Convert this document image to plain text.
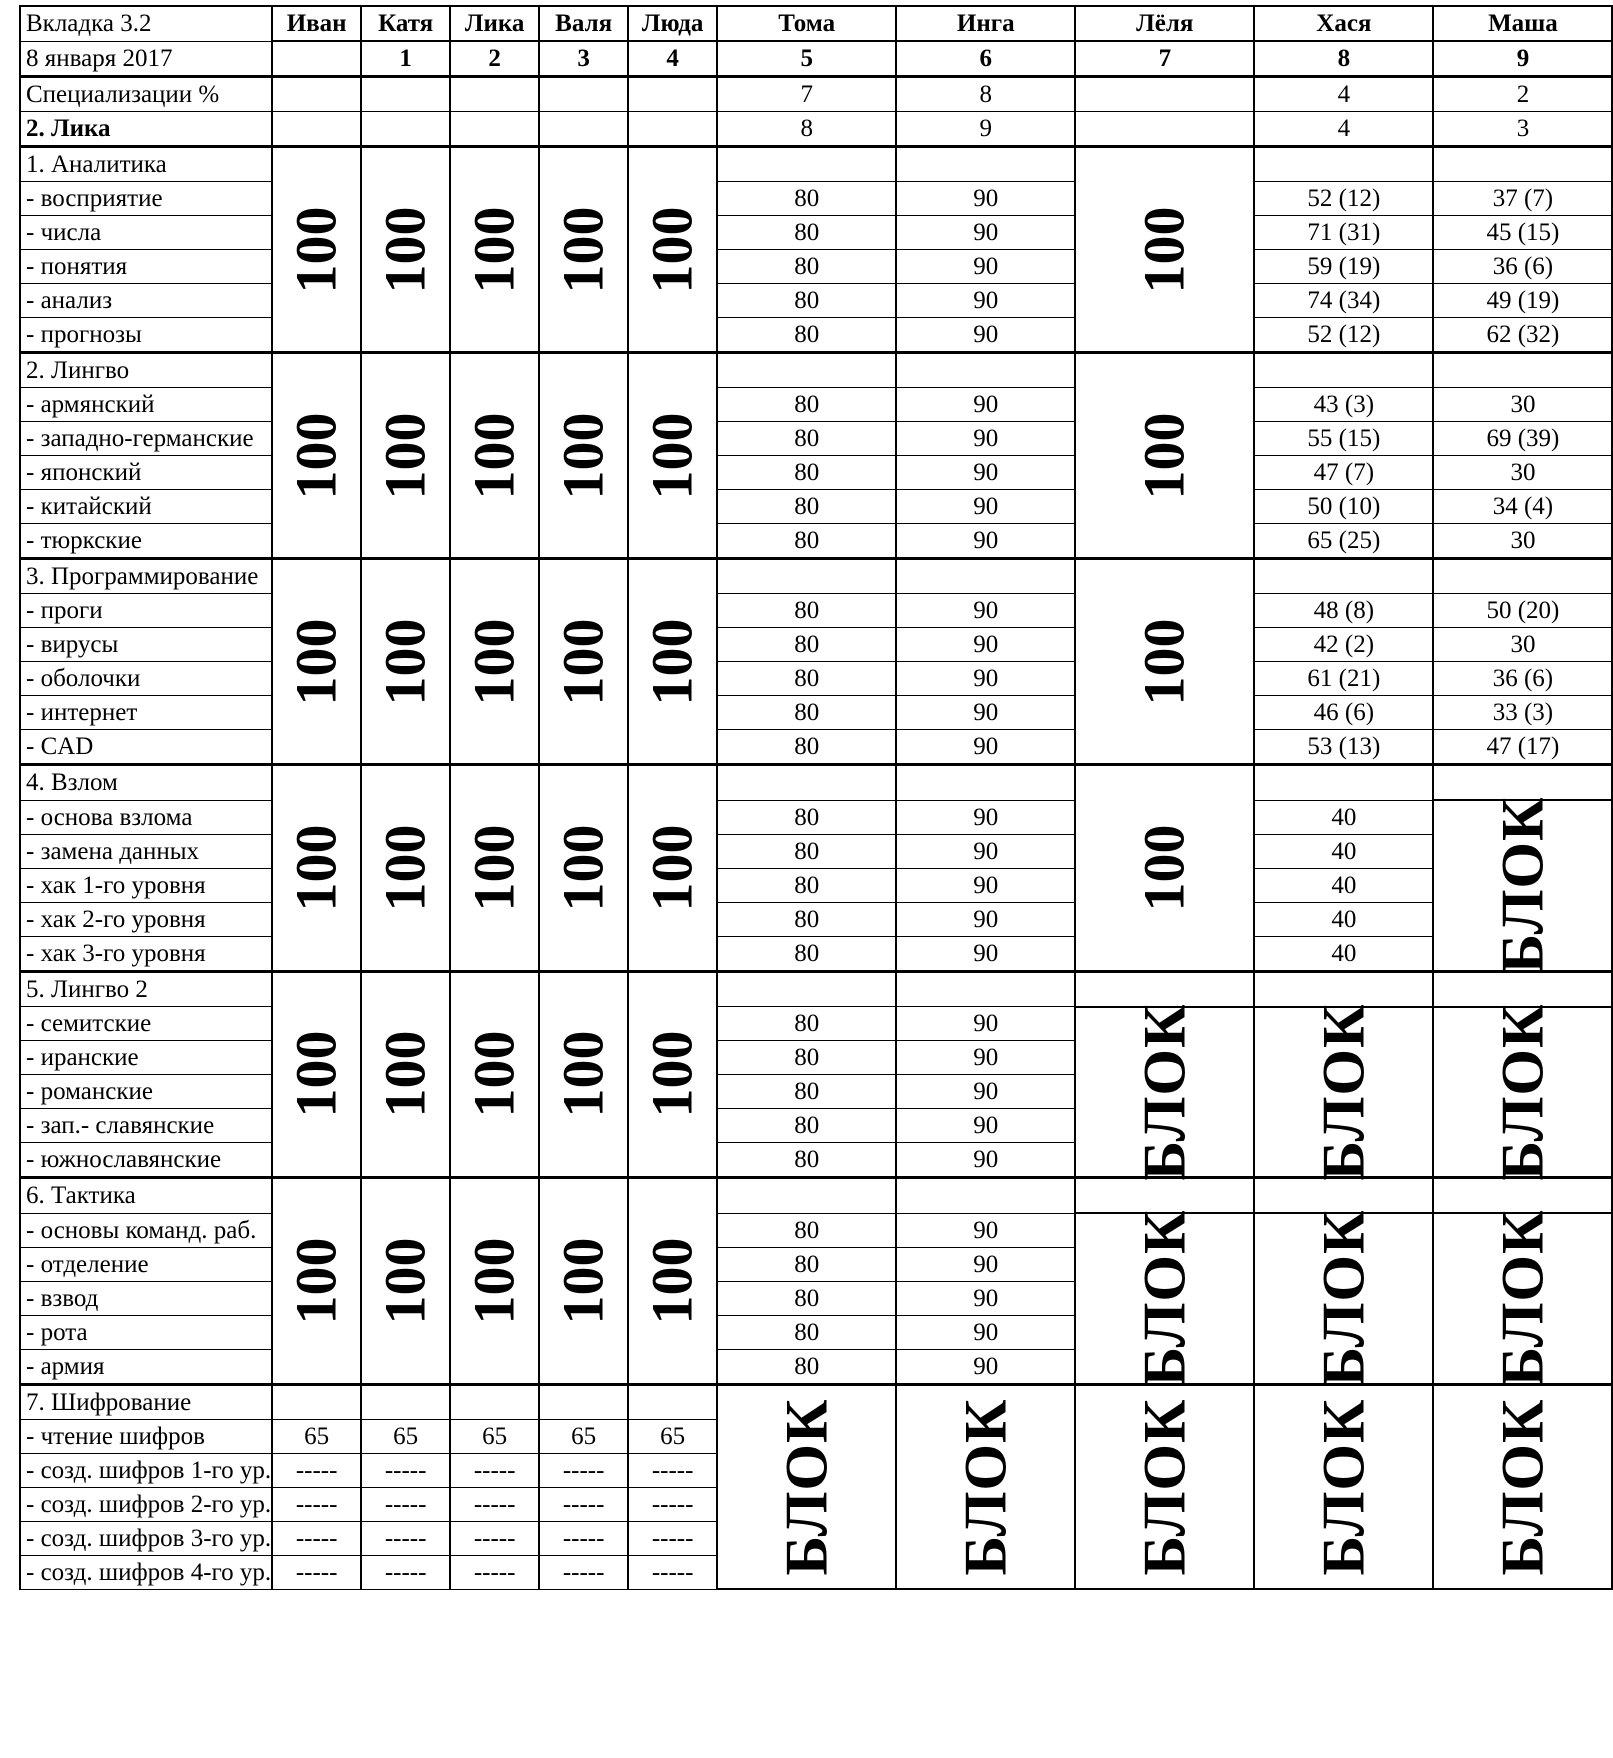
Вкладка 3.2	Иван	Катя	Лика	Валя	Люда	Тома	Инга	Лёля	Хася	Маша
8 января 2017		1	2	3	4	5	6	7	8	9
Специализации %						7	8		4	2
2. Лика						8	9		4	3
1. Аналитика	100	100	100	100	100			100		
- восприятие						80	90		52 (12)	37 (7)
- числа						80	90		71 (31)	45 (15)
- понятия						80	90		59 (19)	36 (6)
- анализ						80	90		74 (34)	49 (19)
- прогнозы						80	90		52 (12)	62 (32)
2. Лингво	100	100	100	100	100			100		
- армянский						80	90		43 (3)	30
- западно-германские						80	90		55 (15)	69 (39)
- японский						80	90		47 (7)	30
- китайский						80	90		50 (10)	34 (4)
- тюркские						80	90		65 (25)	30
3. Программирование	100	100	100	100	100			100		
- проги						80	90		48 (8)	50 (20)
- вирусы						80	90		42 (2)	30
- оболочки						80	90		61 (21)	36 (6)
- интернет						80	90		46 (6)	33 (3)
- CAD						80	90		53 (13)	47 (17)
4. Взлом	100	100	100	100	100			100		
- основа взлома						80	90		40	БЛОК
- замена данных						80	90		40	
- хак 1-го уровня						80	90		40	
- хак 2-го уровня						80	90		40	
- хак 3-го уровня						80	90		40	
5. Лингво 2	100	100	100	100	100					
- семитские						80	90	БЛОК	БЛОК	БЛОК
- иранские						80	90			
- романские						80	90			
- зап.- славянские						80	90			
- южнославянские						80	90			
6. Тактика	100	100	100	100	100					
- основы команд. раб.						80	90	БЛОК	БЛОК	БЛОК
- отделение						80	90			
- взвод						80	90			
- рота						80	90			
- армия						80	90			
7. Шифрование						БЛОК	БЛОК	БЛОК	БЛОК	БЛОК
- чтение шифров	65	65	65	65	65					
- созд. шифров 1-го ур.	-----	-----	-----	-----	-----					
- созд. шифров 2-го ур.	-----	-----	-----	-----	-----					
- созд. шифров 3-го ур.	-----	-----	-----	-----	-----					
- созд. шифров 4-го ур.	-----	-----	-----	-----	-----					
